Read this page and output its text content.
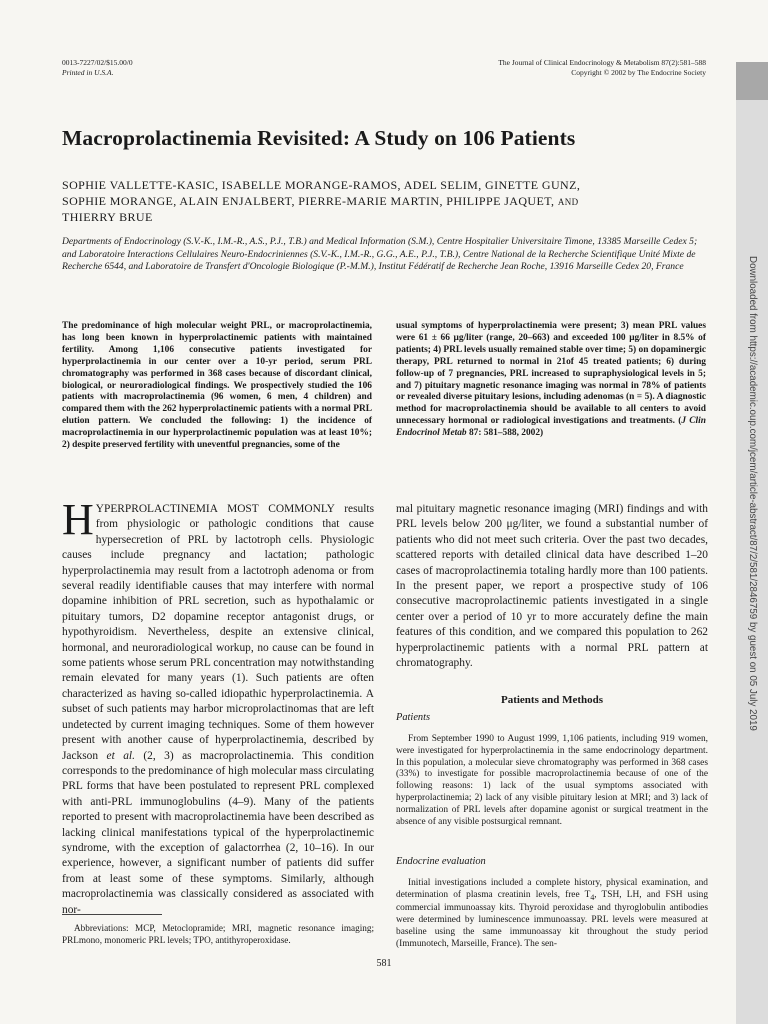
Downloaded from https://academic.oup.com/jcem/article-abstract/87/2/581/2846759 by guest on 05 July 2019
0013-7227/02/$15.00/0
Printed in U.S.A.
The Journal of Clinical Endocrinology & Metabolism 87(2):581–588
Copyright © 2002 by The Endocrine Society
Macroprolactinemia Revisited: A Study on 106 Patients
SOPHIE VALLETTE-KASIC, ISABELLE MORANGE-RAMOS, ADEL SELIM, GINETTE GUNZ,
SOPHIE MORANGE, ALAIN ENJALBERT, PIERRE-MARIE MARTIN, PHILIPPE JAQUET, AND
THIERRY BRUE
Departments of Endocrinology (S.V.-K., I.M.-R., A.S., P.J., T.B.) and Medical Information (S.M.), Centre Hospitalier Universitaire Timone, 13385 Marseille Cedex 5; and Laboratoire Interactions Cellulaires Neuro-Endocriniennes (S.V.-K., I.M.-R., G.G., A.E., P.J., T.B.), Centre National de la Recherche Scientifique Unité Mixte de Recherche 6544, and Laboratoire de Transfert d'Oncologie Biologique (P.-M.M.), Institut Fédératif de Recherche Jean Roche, 13916 Marseille Cedex 20, France
The predominance of high molecular weight PRL, or macroprolactinemia, has long been known in hyperprolactinemic patients with maintained fertility. Among 1,106 consecutive patients investigated for hyperprolactinemia in our center over a 10-yr period, serum PRL chromatography was performed in 368 cases because of discordant clinical, biological, or neuroradiological findings. We prospectively studied the 106 patients with macroprolactinemia (96 women, 6 men, 4 children) and compared them with the 262 hyperprolactinemic patients with a normal PRL elution pattern. We concluded the following: 1) the incidence of macroprolactinemia in our hyperprolactinemic population was at least 10%; 2) despite preserved fertility with uneventful pregnancies, some of the
usual symptoms of hyperprolactinemia were present; 3) mean PRL values were 61 ± 66 μg/liter (range, 20–663) and exceeded 100 μg/liter in 8.5% of patients; 4) PRL levels usually remained stable over time; 5) on dopaminergic therapy, PRL returned to normal in 21of 45 treated patients; 6) during follow-up of 7 pregnancies, PRL increased to supraphysiological levels in 5; and 7) pituitary magnetic resonance imaging was normal in 78% of patients or revealed diverse pituitary lesions, including adenomas (n = 5). A diagnostic method for macroprolactinemia should be available to all centers to avoid unnecessary hormonal or radiological investigations and treatments. (J Clin Endocrinol Metab 87: 581–588, 2002)

HYPERPROLACTINEMIA MOST COMMONLY results from physiologic or pathologic conditions that cause hypersecretion of PRL by lactotroph cells. Physiologic causes include pregnancy and lactation; pathologic hyperprolactinemia may result from a lactotroph adenoma or from several readily identifiable causes that may interfere with normal dopamine inhibition of PRL secretion, such as hypothalamic or pituitary tumors, D2 dopamine receptor antagonist drugs, or hypothyroidism. Nevertheless, despite an extensive clinical, hormonal, and neuroradiological workup, no cause can be found in some patients whose serum PRL concentration may notwithstanding remain elevated for many years (1). Such patients are often characterized as having so-called idiopathic hyperprolactinemia. A subset of such patients may harbor microprolactinomas that are left undetected by current imaging techniques. Some of them however present with another cause of hyperprolactinemia, described by Jackson et al. (2, 3) as macroprolactinemia. This condition corresponds to the predominance of high molecular mass circulating PRL forms that have been postulated to represent PRL complexed with anti-PRL immunoglobulins (4–9). Many of the patients reported to present with macroprolactinemia have been described as lacking clinical manifestations typical of the hyperprolactinemic syndrome, with the exception of galactorrhea (2, 10–16). In our experience, however, a significant number of patients did suffer from at least some of these symptoms. Similarly, although macroprolactinemia was classically considered as associated with nor-

mal pituitary magnetic resonance imaging (MRI) findings and with PRL levels below 200 μg/liter, we found a substantial number of patients who did not meet such criteria. Over the past two decades, scattered reports with detailed clinical data have described 1–20 cases of macroprolactinemia totaling hardly more than 100 patients. In the present paper, we report a prospective study of 106 consecutive macroprolactinemic patients investigated in a single center over a period of 10 yr to more accurately define the main features of this condition, and we compared this population to 262 hyperprolactinemic patients with a normal PRL pattern at chromatography.

Patients and Methods
Patients
From September 1990 to August 1999, 1,106 patients, including 919 women, were investigated for hyperprolactinemia in the same endocrinology department. In this population, a molecular sieve chromatography was performed in 368 cases (33%) to investigate for possible macroprolactinemia because of one of the following reasons: 1) lack of the usual symptoms associated with hyperprolactinemia; 2) lack of any visible pituitary lesion at MRI; and 3) lack of normalization of PRL levels after dopamine agonist or surgical treatment in the absence of any visible postsurgical remnant.
Endocrine evaluation
Initial investigations included a complete history, physical examination, and determination of plasma creatinin levels, free $T_4$, TSH, LH, and FSH using commercial immunoassay kits. Thyroid peroxidase and thyroglobulin antibodies were determined by luminescence immunoassay. PRL levels were measured at baseline using the same immunoassay kit throughout the study period (Immunotech, Marseille, France). The sen-
Abbreviations: MCP, Metoclopramide; MRI, magnetic resonance imaging; PRLmono, monomeric PRL levels; TPO, antithyroperoxidase.
581
